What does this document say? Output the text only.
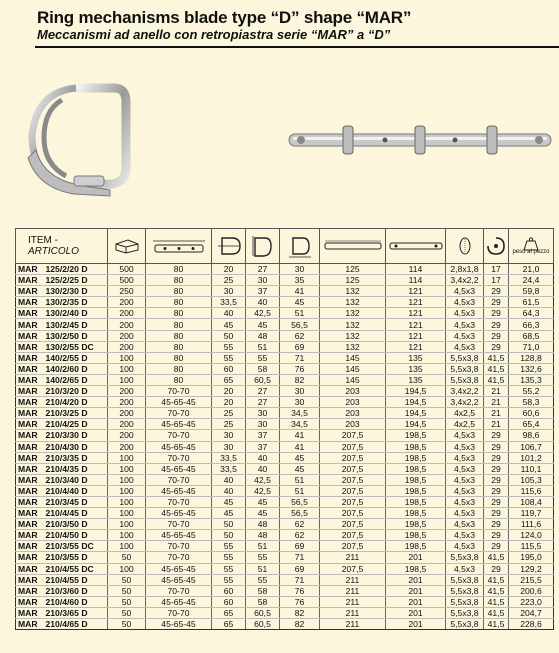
Ring mechanisms blade type “D” shape “MAR”
Meccanismi ad anello con retropiastra serie “MAR” a “D”
ITEM - ARTICOLO											peso al pezzo

MAR	125/2/20 D	500	80	20	27	30	125	114	2,8x1,8	17	21,0
MAR	125/2/25 D	500	80	25	30	35	125	114	3,4x2,2	17	24,4
MAR	130/2/30 D	250	80	30	37	41	132	121	4,5x3	29	59,8
MAR	130/2/35 D	200	80	33,5	40	45	132	121	4,5x3	29	61,5
MAR	130/2/40 D	200	80	40	42,5	51	132	121	4,5x3	29	64,3
MAR	130/2/45 D	200	80	45	45	56,5	132	121	4,5x3	29	66,3
MAR	130/2/50 D	200	80	50	48	62	132	121	4,5x3	29	68,5
MAR	130/2/55 DC	200	80	55	51	69	132	121	4,5x3	29	71,0
MAR	140/2/55 D	100	80	55	55	71	145	135	5,5x3,8	41,5	128,8
MAR	140/2/60 D	100	80	60	58	76	145	135	5,5x3,8	41,5	132,6
MAR	140/2/65 D	100	80	65	60,5	82	145	135	5,5x3,8	41,5	135,3
MAR	210/3/20 D	200	70-70	20	27	30	203	194,5	3,4x2,2	21	55,2
MAR	210/4/20 D	200	45-65-45	20	27	30	203	194,5	3,4x2,2	21	58,3
MAR	210/3/25 D	200	70-70	25	30	34,5	203	194,5	4x2,5	21	60,6
MAR	210/4/25 D	200	45-65-45	25	30	34,5	203	194,5	4x2,5	21	65,4
MAR	210/3/30 D	200	70-70	30	37	41	207,5	198,5	4,5x3	29	98,6
MAR	210/4/30 D	200	45-65-45	30	37	41	207,5	198,5	4,5x3	29	106,7
MAR	210/3/35 D	100	70-70	33,5	40	45	207,5	198,5	4,5x3	29	101,2
MAR	210/4/35 D	100	45-65-45	33,5	40	45	207,5	198,5	4,5x3	29	110,1
MAR	210/3/40 D	100	70-70	40	42,5	51	207,5	198,5	4,5x3	29	105,3
MAR	210/4/40 D	100	45-65-45	40	42,5	51	207,5	198,5	4,5x3	29	115,6
MAR	210/3/45 D	100	70-70	45	45	56,5	207,5	198,5	4,5x3	29	108,4
MAR	210/4/45 D	100	45-65-45	45	45	56,5	207,5	198,5	4,5x3	29	119,7
MAR	210/3/50 D	100	70-70	50	48	62	207,5	198,5	4,5x3	29	111,6
MAR	210/4/50 D	100	45-65-45	50	48	62	207,5	198,5	4,5x3	29	124,0
MAR	210/3/55 DC	100	70-70	55	51	69	207,5	198,5	4,5x3	29	115,5
MAR	210/3/55 D	50	70-70	55	55	71	211	201	5,5x3,8	41,5	195,0
MAR	210/4/55 DC	100	45-65-45	55	51	69	207,5	198,5	4,5x3	29	129,2
MAR	210/4/55 D	50	45-65-45	55	55	71	211	201	5,5x3,8	41,5	215,5
MAR	210/3/60 D	50	70-70	60	58	76	211	201	5,5x3,8	41,5	200,6
MAR	210/4/60 D	50	45-65-45	60	58	76	211	201	5,5x3,8	41,5	223,0
MAR	210/3/65 D	50	70-70	65	60,5	82	211	201	5,5x3,8	41,5	204,7
MAR	210/4/65 D	50	45-65-45	65	60,5	82	211	201	5,5x3,8	41,5	228,6
